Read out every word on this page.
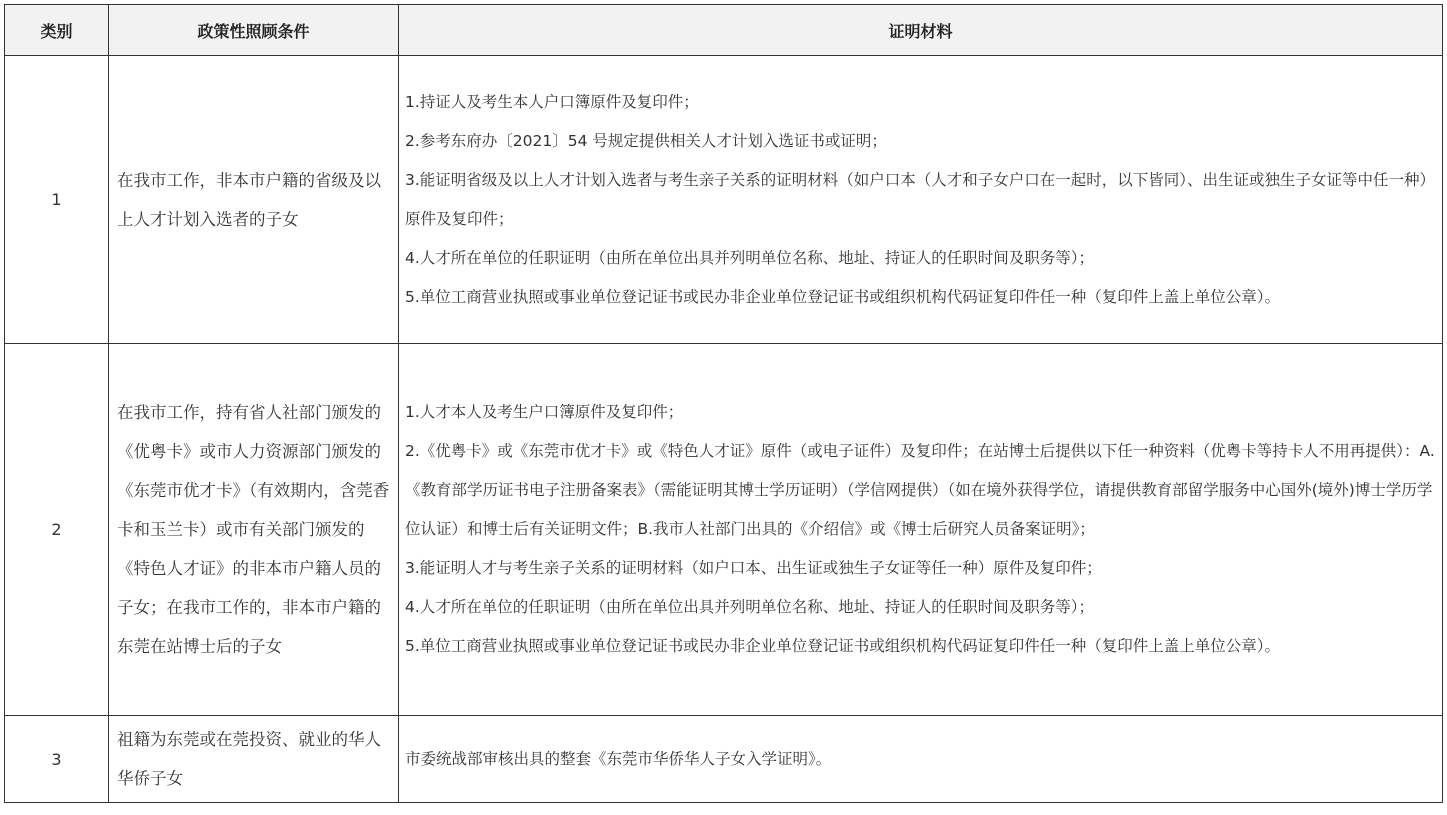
类别	政策性照顾条件	证明材料
1	在我市工作，非本市户籍的省级及以上人才计划入选者的子女	1.持证人及考生本人户口簿原件及复印件；
2.参考东府办〔2021〕54 号规定提供相关人才计划入选证书或证明；
3.能证明省级及以上人才计划入选者与考生亲子关系的证明材料（如户口本（人才和子女户口在一起时，以下皆同）、出生证或独生子女证等中任一种）原件及复印件；
4.人才所在单位的任职证明（由所在单位出具并列明单位名称、地址、持证人的任职时间及职务等）；
5.单位工商营业执照或事业单位登记证书或民办非企业单位登记证书或组织机构代码证复印件任一种（复印件上盖上单位公章）。

2	在我市工作，持有省人社部门颁发的《优粤卡》或市人力资源部门颁发的《东莞市优才卡》（有效期内，含莞香卡和玉兰卡）或市有关部门颁发的《特色人才证》的非本市户籍人员的子女；在我市工作的，非本市户籍的东莞在站博士后的子女	1.人才本人及考生户口簿原件及复印件；
2.《优粤卡》或《东莞市优才卡》或《特色人才证》原件（或电子证件）及复印件；在站博士后提供以下任一种资料（优粤卡等持卡人不用再提供）：A.《教育部学历证书电子注册备案表》（需能证明其博士学历证明）（学信网提供）（如在境外获得学位，请提供教育部留学服务中心国外(境外)博士学历学位认证）和博士后有关证明文件；B.我市人社部门出具的《介绍信》或《博士后研究人员备案证明》；
3.能证明人才与考生亲子关系的证明材料（如户口本、出生证或独生子女证等任一种）原件及复印件；
4.人才所在单位的任职证明（由所在单位出具并列明单位名称、地址、持证人的任职时间及职务等）；
5.单位工商营业执照或事业单位登记证书或民办非企业单位登记证书或组织机构代码证复印件任一种（复印件上盖上单位公章）。

3	祖籍为东莞或在莞投资、就业的华人华侨子女	市委统战部审核出具的整套《东莞市华侨华人子女入学证明》。
